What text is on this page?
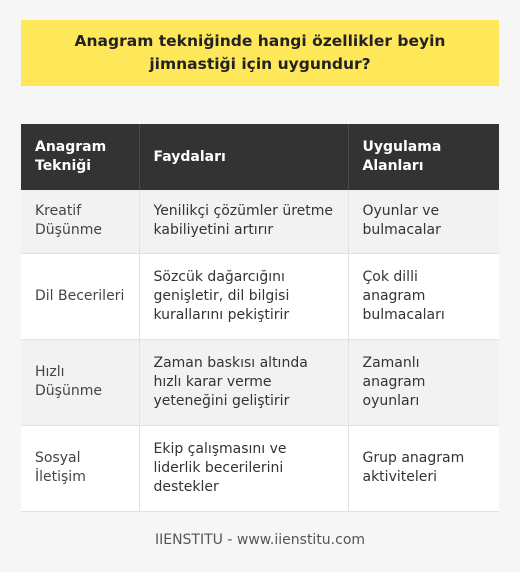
Anagram tekniğinde hangi özellikler beyin jimnastiği için uygundur?
Anagram Tekniği	Faydaları	Uygulama Alanları
Kreatif Düşünme	Yenilikçi çözümler üretme kabiliyetini artırır	Oyunlar ve bulmacalar
Dil Becerileri	Sözcük dağarcığını genişletir, dil bilgisi kurallarını pekiştirir	Çok dilli anagram bulmacaları
Hızlı Düşünme	Zaman baskısı altında hızlı karar verme yeteneğini geliştirir	Zamanlı anagram oyunları
Sosyal İletişim	Ekip çalışmasını ve liderlik becerilerini destekler	Grup anagram aktiviteleri
IIENSTITU - www.iienstitu.com
